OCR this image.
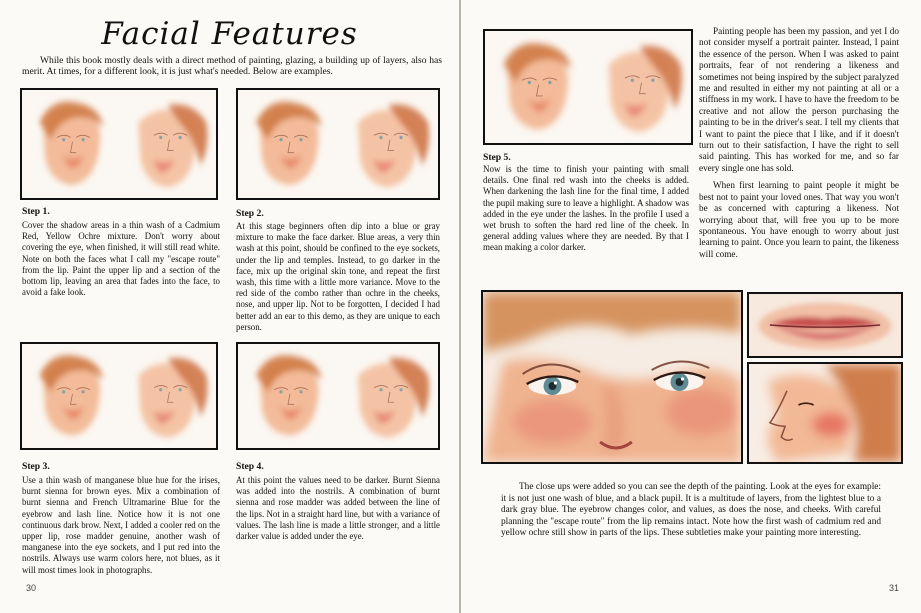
Facial Features
While this book mostly deals with a direct method of painting, glazing, a building up of layers, also has merit. At times, for a different look, it is just what's needed. Below are examples.
Step 1.
Cover the shadow areas in a thin wash of a Cadmium Red, Yellow Ochre mixture. Don't worry about covering the eye, when finished, it will still read white. Note on both the faces what I call my "escape route" from the lip. Paint the upper lip and a section of the bottom lip, leaving an area that fades into the face, to avoid a fake look.
Step 2.
At this stage beginners often dip into a blue or gray mixture to make the face darker. Blue areas, a very thin wash at this point, should be confined to the eye sockets, under the lip and temples. Instead, to go darker in the face, mix up the original skin tone, and repeat the first wash, this time with a little more variance. Move to the red side of the combo rather than ochre in the cheeks, nose, and upper lip. Not to be forgotten, I decided I had better add an ear to this demo, as they are unique to each person.
Step 3.
Use a thin wash of manganese blue hue for the irises, burnt sienna for brown eyes. Mix a combination of burnt sienna and French Ultramarine Blue for the eyebrow and lash line. Notice how it is not one continuous dark brow. Next, I added a cooler red on the upper lip, rose madder genuine, another wash of manganese into the eye sockets, and I put red into the nostrils. Always use warm colors here, not blues, as it will most times look in photographs.
Step 4.
At this point the values need to be darker. Burnt Sienna was added into the nostrils. A combination of burnt sienna and rose madder was added between the line of the lips. Not in a straight hard line, but with a variance of values. The lash line is made a little stronger, and a little darker value is added under the eye.
30
Step 5.
Now is the time to finish your painting with small details. One final red wash into the cheeks is added. When darkening the lash line for the final time, I added the pupil making sure to leave a highlight. A shadow was added in the eye under the lashes. In the profile I used a wet brush to soften the hard red line of the cheek. In general adding values where they are needed. By that I mean making a color darker.

Painting people has been my passion, and yet I do not consider myself a portrait painter. Instead, I paint the essence of the person. When I was asked to paint portraits, fear of not rendering a likeness and sometimes not being inspired by the subject paralyzed me and resulted in either my not painting at all or a stiffness in my work. I have to have the freedom to be creative and not allow the person purchasing the painting to be in the driver's seat. I tell my clients that I want to paint the piece that I like, and if it doesn't turn out to their satisfaction, I have the right to sell said painting. This has worked for me, and so far every single one has sold.

When first learning to paint people it might be best not to paint your loved ones. That way you won't be as concerned with capturing a likeness. Not worrying about that, will free you up to be more spontaneous. You have enough to worry about just learning to paint. Once you learn to paint, the likeness will come.

The close ups were added so you can see the depth of the painting. Look at the eyes for example: it is not just one wash of blue, and a black pupil. It is a multitude of layers, from the lightest blue to a dark gray blue. The eyebrow changes color, and values, as does the nose, and cheeks. With careful planning the "escape route" from the lip remains intact. Note how the first wash of cadmium red and yellow ochre still show in parts of the lips. These subtleties make your painting more interesting.
31
